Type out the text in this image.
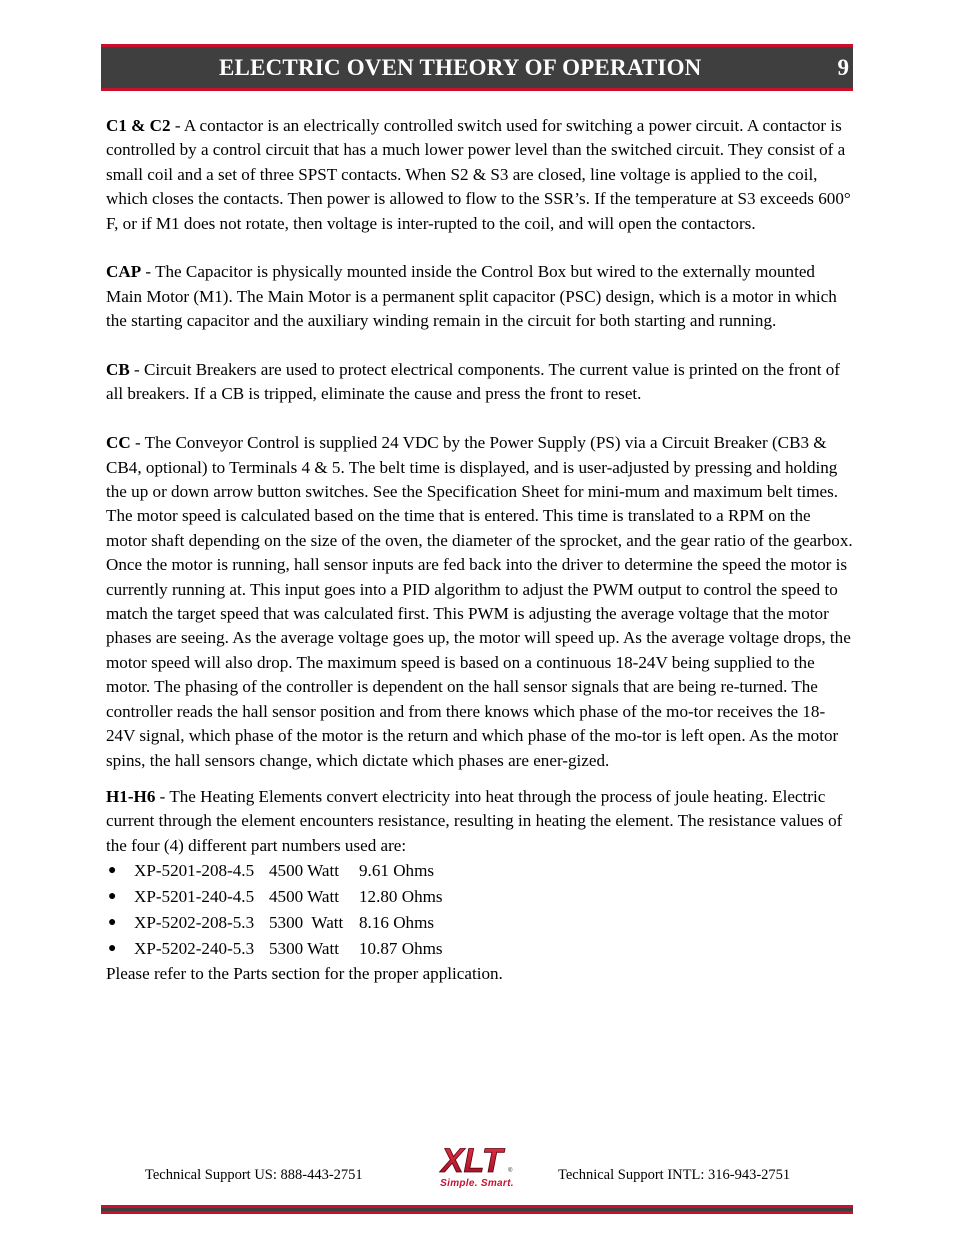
ELECTRIC OVEN THEORY OF OPERATION	9

C1 & C2 - A contactor is an electrically controlled switch used for switching a power circuit. A contactor is controlled by a control circuit that has a much lower power level than the switched circuit. They consist of a small coil and a set of three SPST contacts. When S2 & S3 are closed, line voltage is applied to the coil, which closes the contacts. Then power is allowed to flow to the SSR’s. If the temperature at S3 exceeds 600° F, or if M1 does not rotate, then voltage is inter-rupted to the coil, and will open the contactors.

CAP - The Capacitor is physically mounted inside the Control Box but wired to the externally mounted Main Motor (M1). The Main Motor is a permanent split capacitor (PSC) design, which is a motor in which the starting capacitor and the auxiliary winding remain in the circuit for both starting and running.

CB - Circuit Breakers are used to protect electrical components. The current value is printed on the front of all breakers. If a CB is tripped, eliminate the cause and press the front to reset.

CC - The Conveyor Control is supplied 24 VDC by the Power Supply (PS) via a Circuit Breaker (CB3 & CB4, optional) to Terminals 4 & 5. The belt time is displayed, and is user-adjusted by pressing and holding the up or down arrow button switches. See the Specification Sheet for mini-mum and maximum belt times. The motor speed is calculated based on the time that is entered. This time is translated to a RPM on the motor shaft depending on the size of the oven, the diameter of the sprocket, and the gear ratio of the gearbox. Once the motor is running, hall sensor inputs are fed back into the driver to determine the speed the motor is currently running at. This input goes into a PID algorithm to adjust the PWM output to control the speed to match the target speed that was calculated first. This PWM is adjusting the average voltage that the motor phases are seeing. As the average voltage goes up, the motor will speed up. As the average voltage drops, the motor speed will also drop. The maximum speed is based on a continuous 18-24V being supplied to the motor. The phasing of the controller is dependent on the hall sensor signals that are being re-turned. The controller reads the hall sensor position and from there knows which phase of the mo-tor receives the 18-24V signal, which phase of the motor is the return and which phase of the mo-tor is left open. As the motor spins, the hall sensors change, which dictate which phases are ener-gized.

H1-H6 - The Heating Elements convert electricity into heat through the process of joule heating. Electric current through the element encounters resistance, resulting in heating the element. The resistance values of the four (4) different part numbers used are:

● XP-5201-208-4.5 4500 Watt 9.61 Ohms
● XP-5201-240-4.5 4500 Watt 12.80 Ohms
● XP-5202-208-5.3 5300  Watt 8.16 Ohms
● XP-5202-240-5.3 5300 Watt 10.87 Ohms

Please refer to the Parts section for the proper application.

Technical Support US: 888-443-2751 XLT ®
Simple. Smart.
Technical Support INTL: 316-943-2751
